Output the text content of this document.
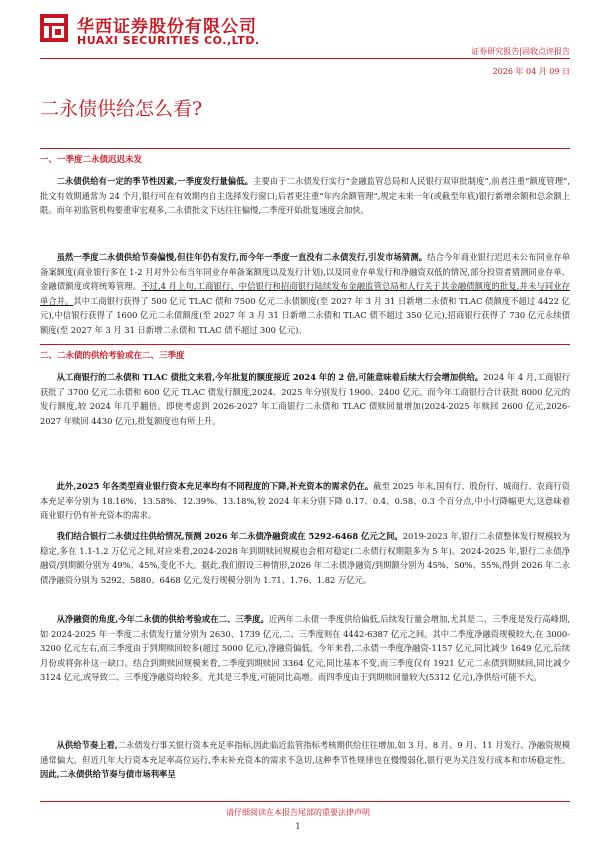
华西证券股份有限公司
HUAXI SECURITIES CO.,LTD.
证券研究报告|固收点评报告
2026 年 04 月 09 日
二永债供给怎么看?
一、一季度二永债迟迟未发
二永债供给有一定的季节性因素,一季度发行量偏低。主要由于二永债发行实行“金融监管总局和人民银行双审批制度”,前者注重“额度管理”,批文有效期通常为 24 个月,银行可在有效期内自主选择发行窗口;后者更注重“年内余额管理”,规定未来一年(或截至年底)银行新增余额和总余额上限。而年初监管机构要重审宏观多,二永债批文下达往往偏慢,二季度开始批复速度会加快。
虽然一季度二永债供给节奏偏慢,但往年仍有发行,而今年一季度一直没有二永债发行,引发市场猜测。结合今年商业银行迟迟未公布同业存单备案额度(商业银行多在 1-2 月对外公布当年同业存单备案额度以及发行计划),以及同业存单发行和净融资双低的情况,部分投资者猜测同业存单、金融债额度或将统筹管理。不过,4 月上旬,工商银行、中信银行和招商银行陆续发布金融监管总局和人行关于其金融债额度的批复,并未与同业存单合并。其中工商银行获得了 500 亿元 TLAC 债和 7500 亿元二永债额度(至 2027 年 3 月 31 日新增二永债和 TLAC 债额度不超过 4422 亿元),中信银行获得了 1600 亿元二永债额度(至 2027 年 3 月 31 日新增二永债和 TLAC 债不超过 350 亿元),招商银行获得了 730 亿元永续债额度(至 2027 年 3 月 31 日新增二永债和 TLAC 债不超过 300 亿元)。
二、二永债的供给考验或在二、三季度
从工商银行的二永债和 TLAC 债批文来看,今年批复的额度接近 2024 年的 2 倍,可能意味着后续大行会增加供给。2024 年 4 月,工商银行获批了 3700 亿元二永债和 600 亿元 TLAC 债发行额度,2024、2025 年分别发行 1900、2400 亿元。而今年工商银行合计获批 8000 亿元的发行额度,较 2024 年几乎翻倍。即使考虑到 2026-2027 年工商银行二永债和 TLAC 债赎回量增加(2024-2025 年赎回 2600 亿元,2026-2027 年赎回 4430 亿元),批复额度也有所上升。
此外,2025 年各类型商业银行资本充足率均有不同程度的下降,补充资本的需求仍在。截至 2025 年末,国有行、股份行、城商行、农商行资本充足率分别为 18.16%、13.58%、12.39%、13.18%,较 2024 年末分别下降 0.17、0.4、0.58、0.3 个百分点,中小行降幅更大,这意味着商业银行仍有补充资本的需求。
我们结合银行二永债过往供给情况,预测 2026 年二永债净融资或在 5292-6468 亿元之间。2019-2023 年,银行二永债整体发行规模较为稳定,多在 1.1-1.2 万亿元之间,对应来看,2024-2028 年到期赎回规模也会相对稳定(二永债行权期限多为 5 年)。2024-2025 年,银行二永债净融资/到期额分别为 49%、45%,变化不大。据此,我们假设三种情形,2026 年二永债净融资/到期额分别为 45%、50%、55%,得到 2026 年二永债净融资分别为 5292、5880、6468 亿元,发行规模分别为 1.71、1.76、1.82 万亿元。
从净融资的角度,今年二永债的供给考验或在二、三季度。近两年二永债一季度供给偏低,后续发行量会增加,尤其是二、三季度是发行高峰期,如 2024-2025 年一季度二永债发行量分别为 2630、1739 亿元,二、三季度则在 4442-6387 亿元之间。其中二季度净融资规模较大,在 3000-3200 亿元左右,而三季度由于到期赎回较多(超过 5000 亿元),净融资偏低。今年来看,二永债一季度净融资-1157 亿元,同比减少 1649 亿元,后续月份或将弥补这一缺口。结合到期赎回规模来看,二季度到期赎回 3364 亿元,同比基本不变,而三季度仅有 1921 亿元二永债到期赎回,同比减少 3124 亿元,或导致二、三季度净融资均较多。尤其是三季度,可能同比高增。而四季度由于到期赎回量较大(5312 亿元),净供给可能不大。
从供给节奏上看,二永债发行事关银行资本充足率指标,因此临近监管指标考核期供给往往增加,如 3 月、8 月、9 月、11 月发行、净融资规模通常偏大。但近几年大行资本充足率高位运行,季末补充资本的需求不急切,这种季节性规律也在慢慢弱化,银行更为关注发行成本和市场稳定性。因此,二永债供给节奏与债市场利率呈
请仔细阅读在本报告尾部的重要法律声明
1
